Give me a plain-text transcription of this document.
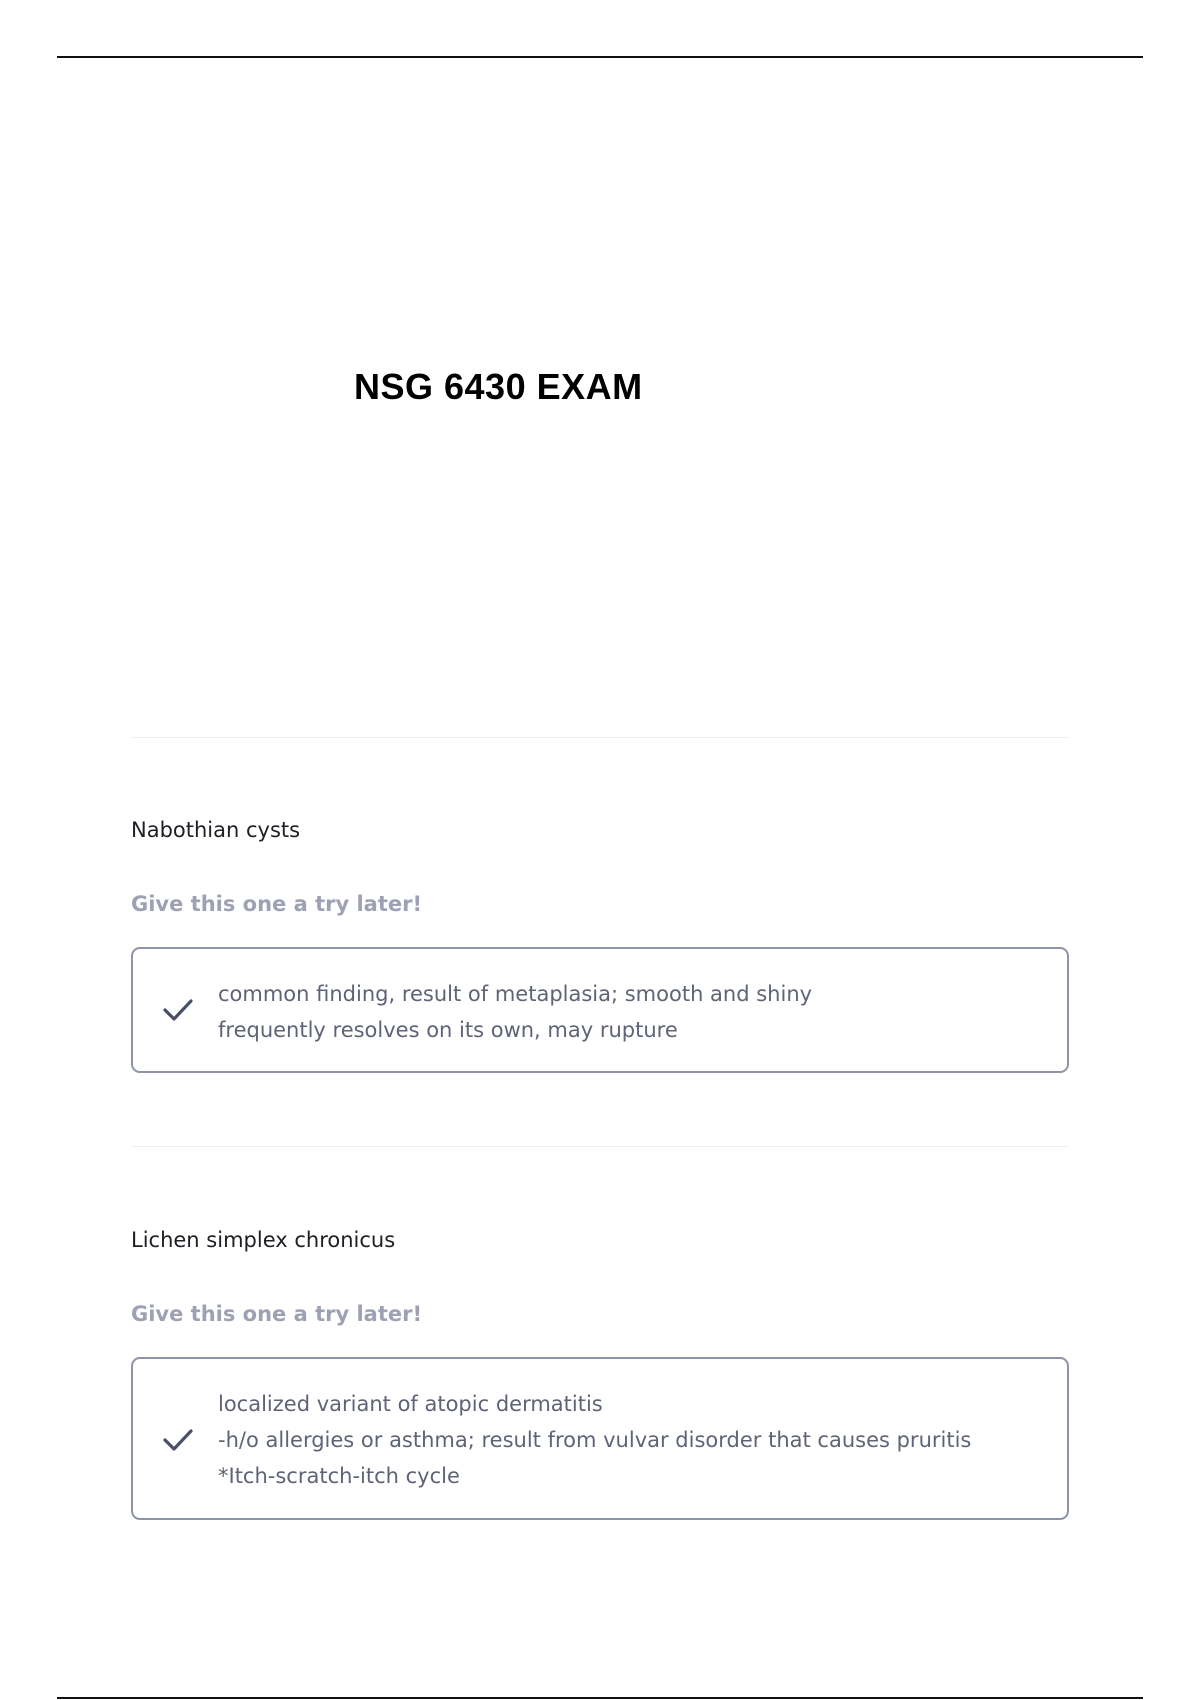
NSG 6430 EXAM
Nabothian cysts
Give this one a try later!
common finding, result of metaplasia; smooth and shiny
frequently resolves on its own, may rupture
Lichen simplex chronicus
Give this one a try later!
localized variant of atopic dermatitis
-h/o allergies or asthma; result from vulvar disorder that causes pruritis
*Itch-scratch-itch cycle
